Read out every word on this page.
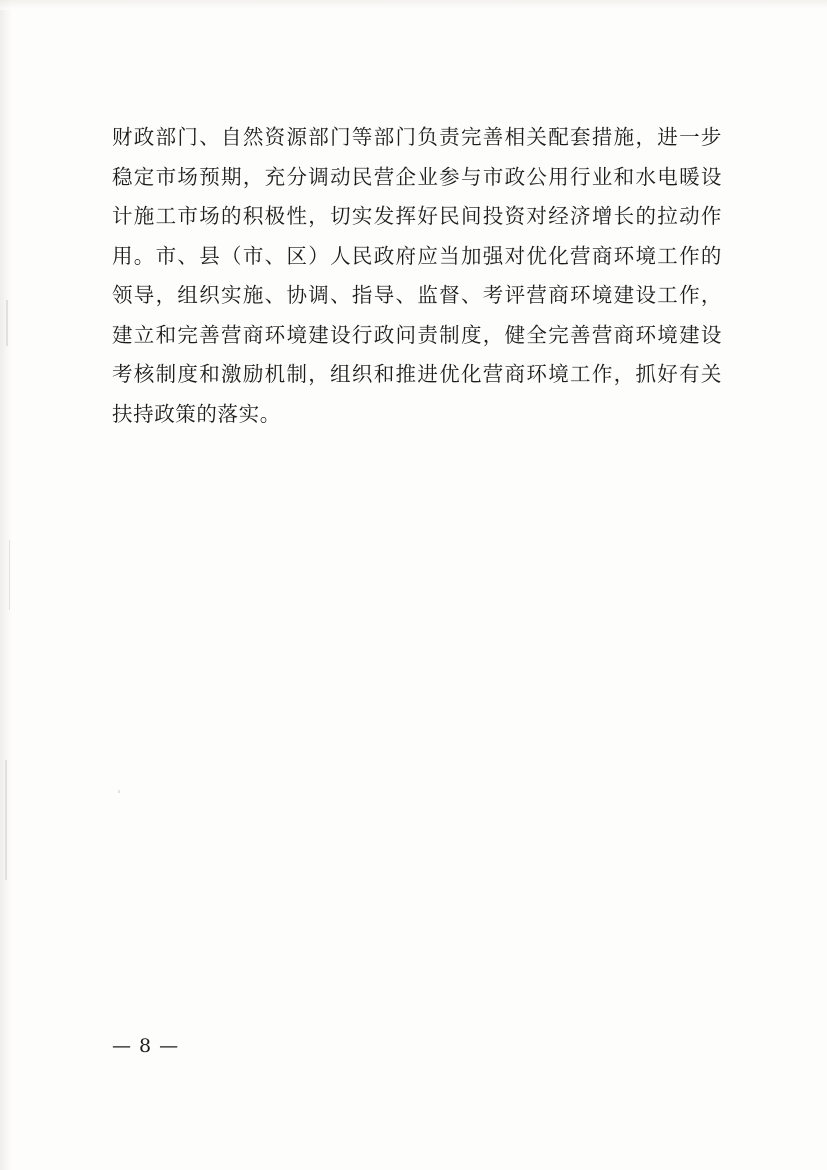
财政部门、自然资源部门等部门负责完善相关配套措施，进一步
稳定市场预期，充分调动民营企业参与市政公用行业和水电暖设
计施工市场的积极性，切实发挥好民间投资对经济增长的拉动作
用。市、县（市、区）人民政府应当加强对优化营商环境工作的
领导，组织实施、协调、指导、监督、考评营商环境建设工作，
建立和完善营商环境建设行政问责制度，健全完善营商环境建设
考核制度和激励机制，组织和推进优化营商环境工作，抓好有关
扶持政策的落实。
— 8 —
